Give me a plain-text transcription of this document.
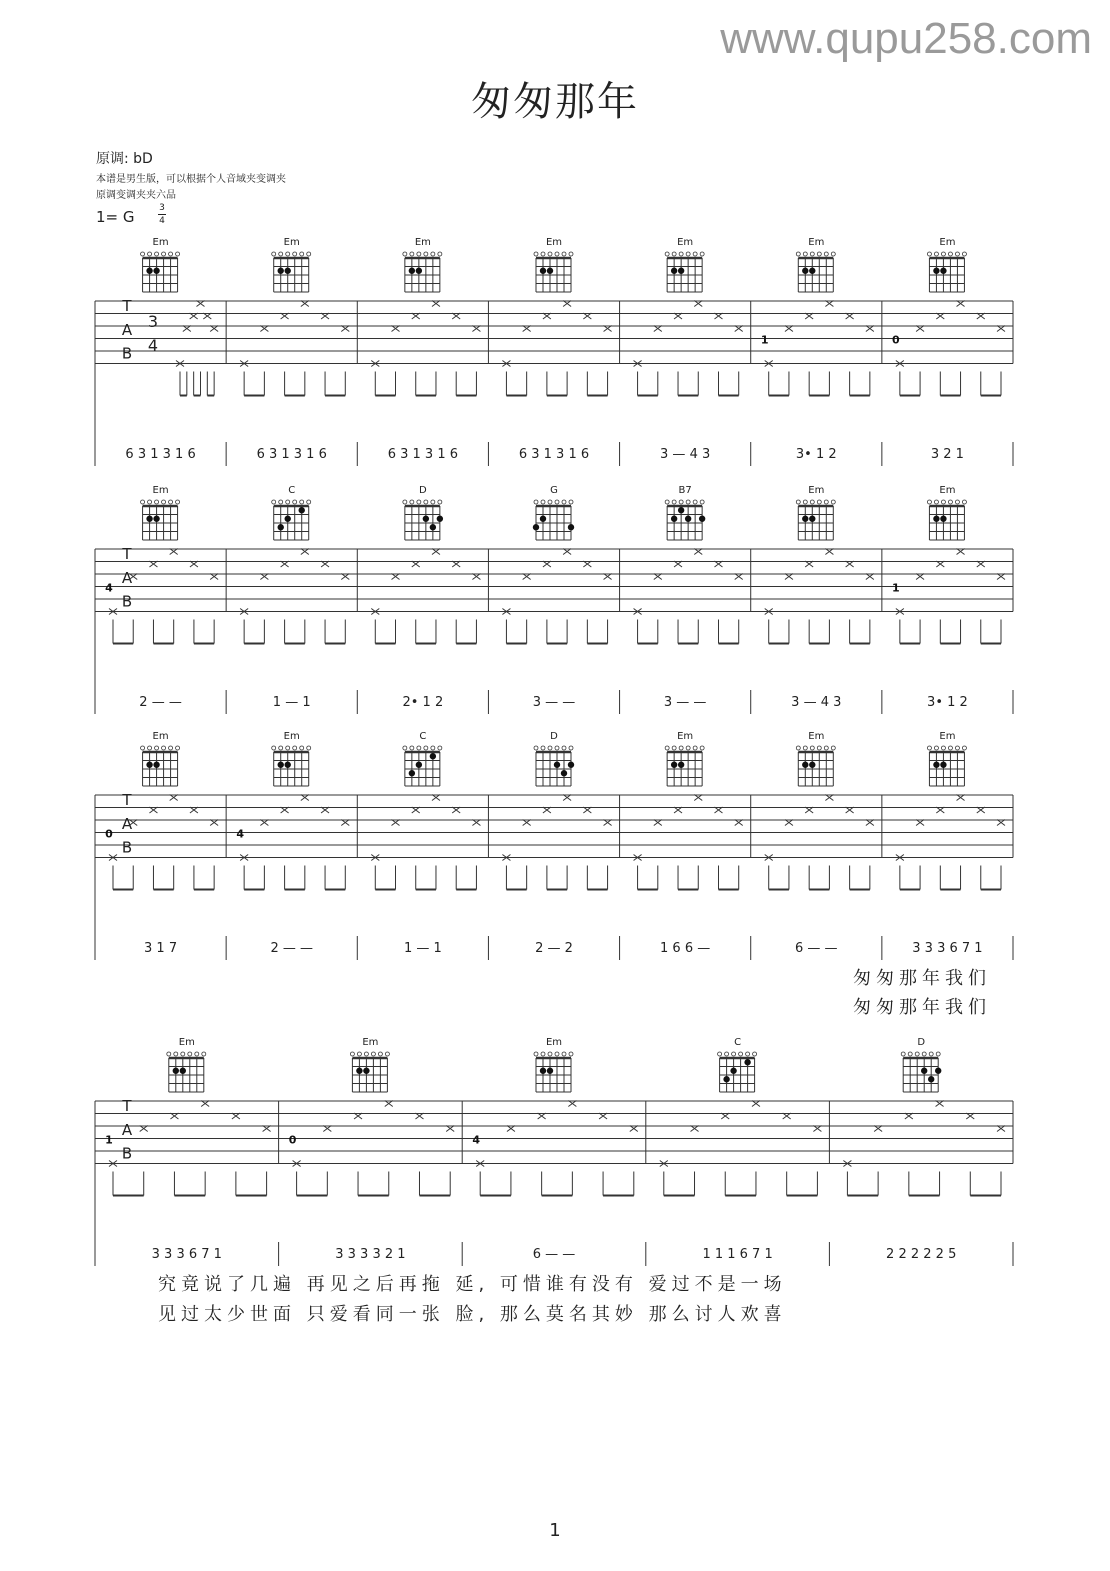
www.qupu258.com
匆匆那年
原调: bD
本谱是男生版，可以根据个人音域夹变调夹
原调变调夹夹六品
1= G	3
4
T
A
B
3
4
Em
6 3 1 3 1 6
Em
6 3 1 3 1 6
Em
6 3 1 3 1 6
Em
6 3 1 3 1 6
Em
3 — 4 3
Em
1
3• 1 2
Em
0
3 2 1
T
A
B
Em
4
2 — —
C
1 — 1
D
2• 1 2
G
3 — —
B7
3 — —
Em
3 — 4 3
Em
1
3• 1 2
T
A
B
Em
0
3 1 7
Em
4
2 — —
C
1 — 1
D
2 — 2
Em
1 6 6 —
Em
6 — —
Em
3 3 3 6 7 1
匆匆那年我们
匆匆那年我们
T
A
B
Em
1
3 3 3 6 7 1
Em
0
3 3 3 3 2 1
Em
4
6 — —
C
1 1 1 6 7 1
D
2 2 2 2 2 5
究竟说了几遍 再见之后再拖 延, 可惜谁有没有 爱过不是一场
见过太少世面 只爱看同一张 脸, 那么莫名其妙 那么讨人欢喜
1
